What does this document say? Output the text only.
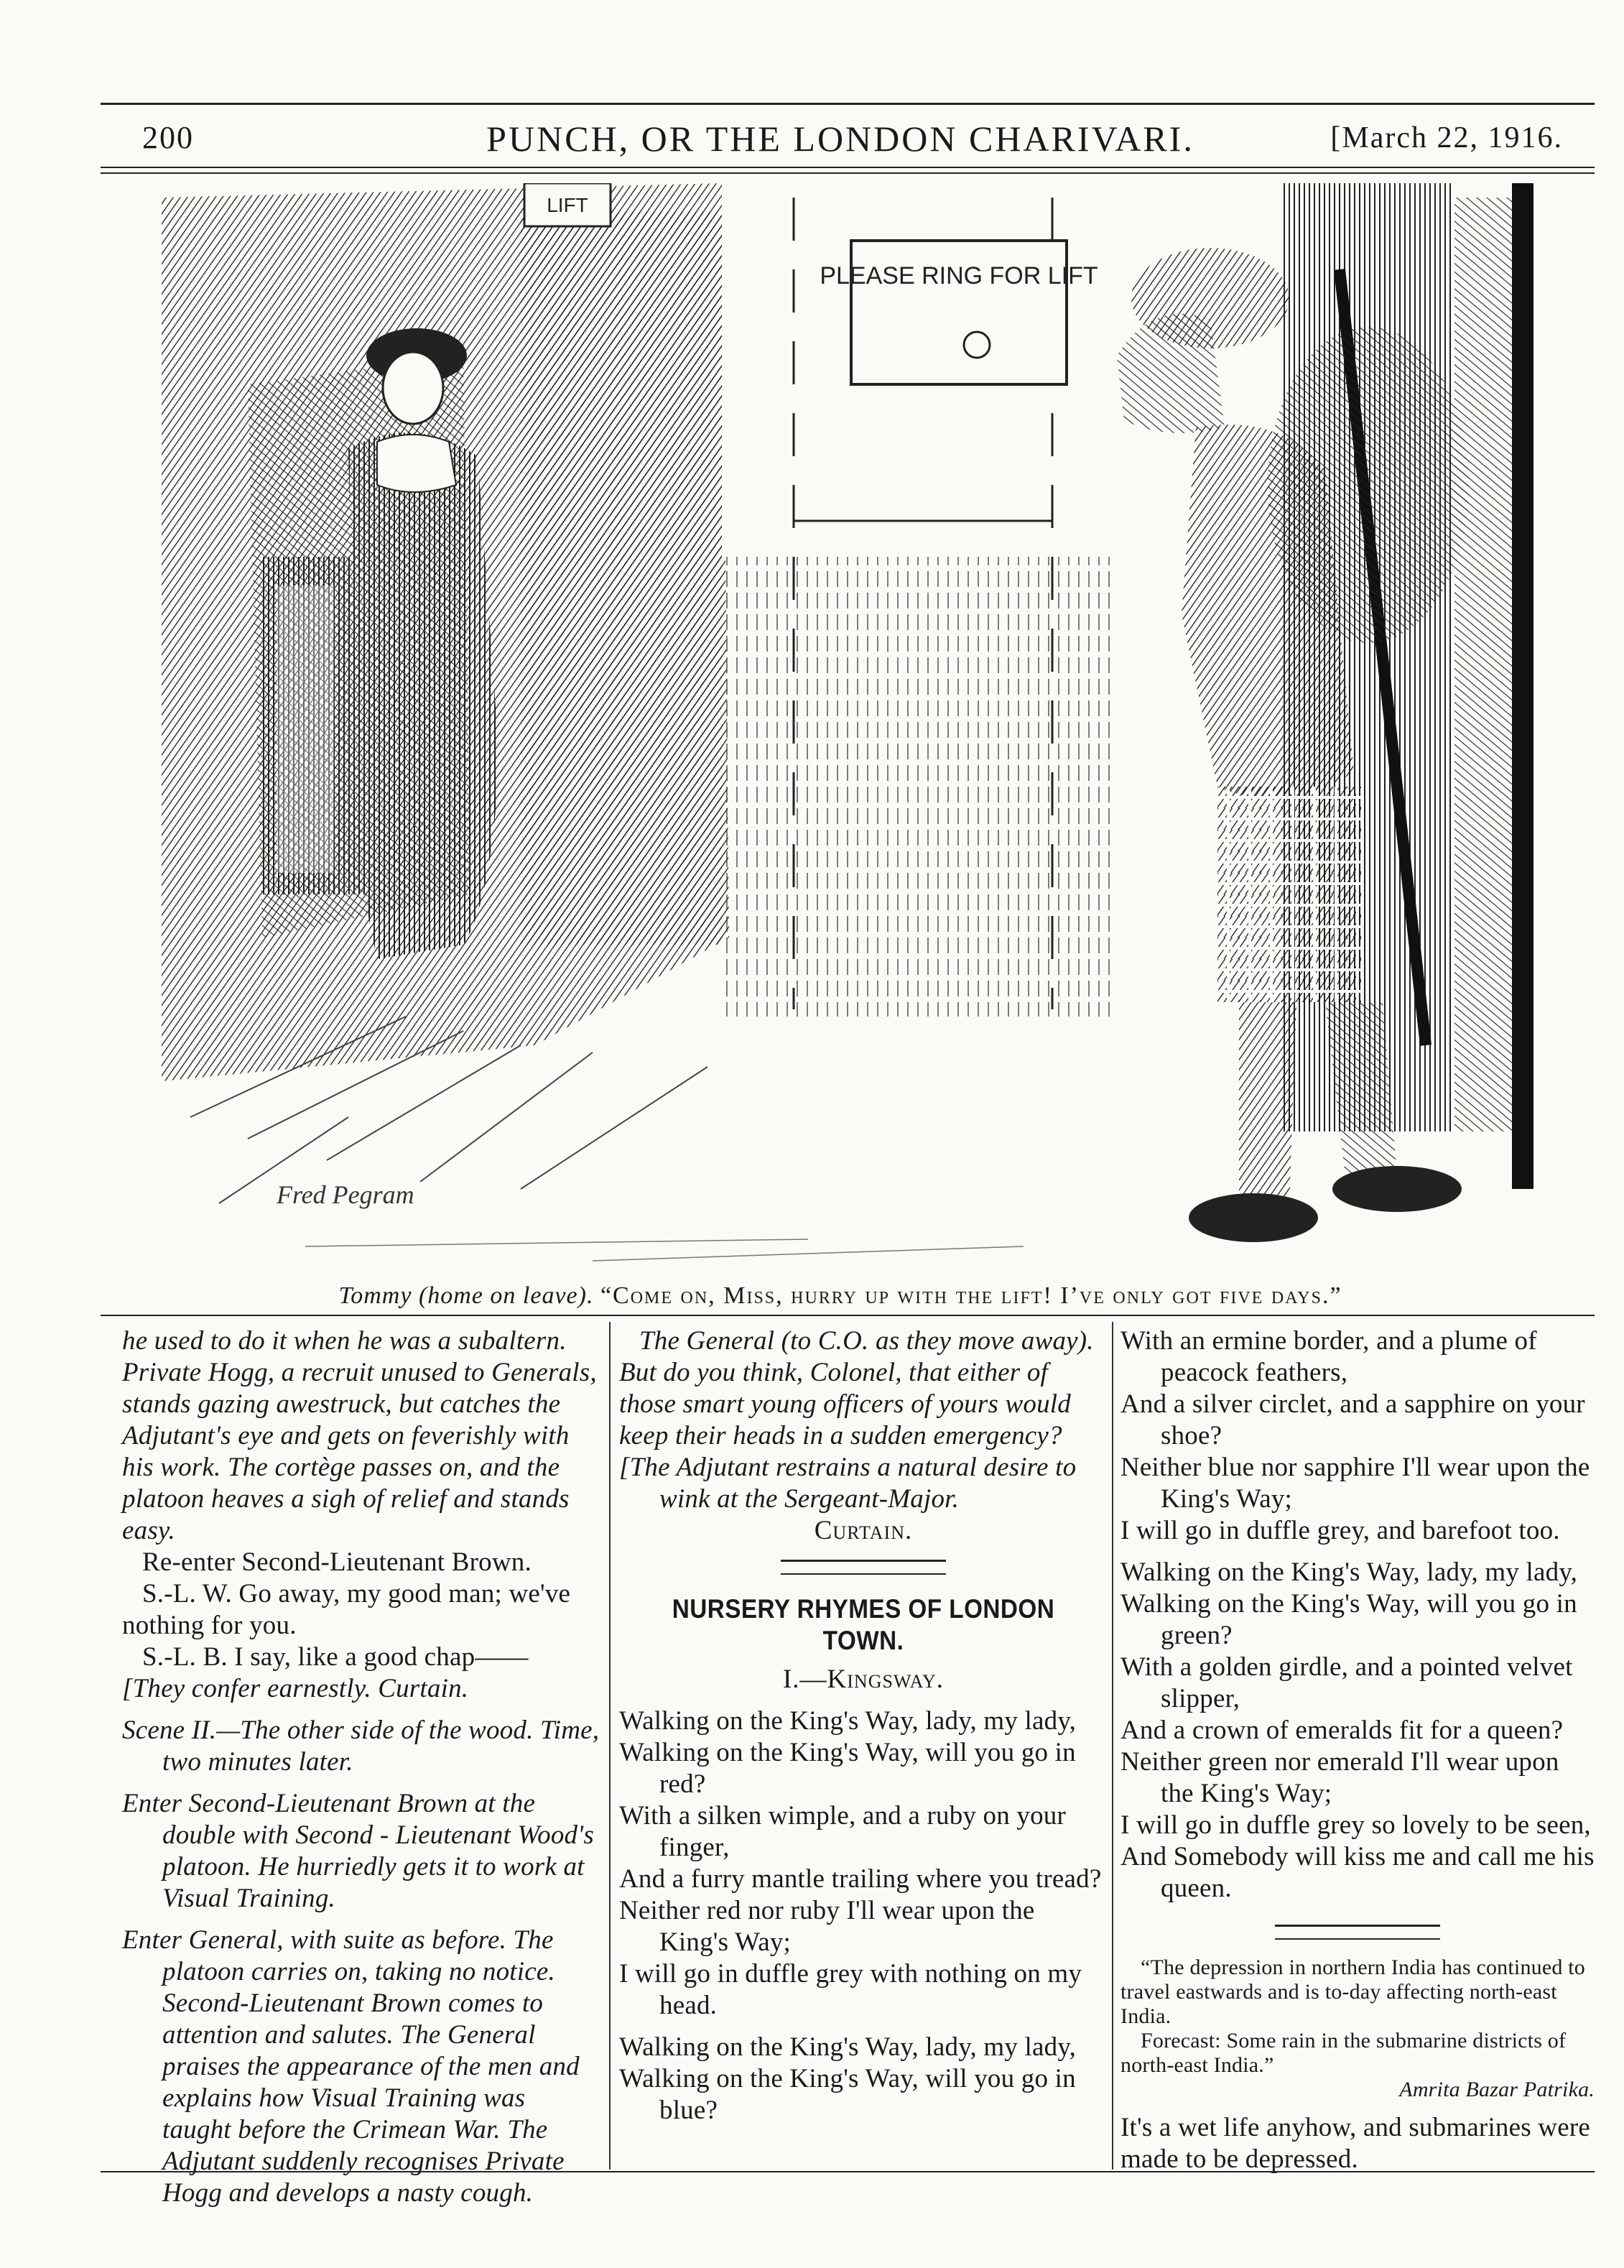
200	PUNCH, OR THE LONDON CHARIVARI.	[March 22, 1916.
LIFT
PLEASE RING FOR LIFT
Fred Pegram
Tommy (home on leave). “Come on, Miss, hurry up with the lift! I’ve only got five days.”

he used to do it when he was a subaltern. Private Hogg, a recruit unused to Generals, stands gazing awestruck, but catches the Adjutant's eye and gets on feverishly with his work. The cortège passes on, and the platoon heaves a sigh of relief and stands easy.

Re-enter Second-Lieutenant Brown.

S.-L. W. Go away, my good man; we've nothing for you.

S.-L. B. I say, like a good chap——

[They confer earnestly. Curtain.

Scene II.—The other side of the wood. Time, two minutes later.

Enter Second-Lieutenant Brown at the double with Second - Lieutenant Wood's platoon. He hurriedly gets it to work at Visual Training.

Enter General, with suite as before. The platoon carries on, taking no notice. Second-Lieutenant Brown comes to attention and salutes. The General praises the appearance of the men and explains how Visual Training was taught before the Crimean War. The Adjutant suddenly recognises Private Hogg and develops a nasty cough.

The General (to C.O. as they move away). But do you think, Colonel, that either of those smart young officers of yours would keep their heads in a sudden emergency?

[The Adjutant restrains a natural desire to wink at the Sergeant-Major.

Curtain.

NURSERY RHYMES OF LONDON TOWN.

I.—Kingsway.

Walking on the King's Way, lady, my lady,

Walking on the King's Way, will you go in red?

With a silken wimple, and a ruby on your finger,

And a furry mantle trailing where you tread?

Neither red nor ruby I'll wear upon the King's Way;

I will go in duffle grey with nothing on my head.

Walking on the King's Way, lady, my lady,

Walking on the King's Way, will you go in blue?

With an ermine border, and a plume of peacock feathers,

And a silver circlet, and a sapphire on your shoe?

Neither blue nor sapphire I'll wear upon the King's Way;

I will go in duffle grey, and barefoot too.

Walking on the King's Way, lady, my lady,

Walking on the King's Way, will you go in green?

With a golden girdle, and a pointed velvet slipper,

And a crown of emeralds fit for a queen?

Neither green nor emerald I'll wear upon the King's Way;

I will go in duffle grey so lovely to be seen,

And Somebody will kiss me and call me his queen.

“The depression in northern India has continued to travel eastwards and is to-day affecting north-east India.

Forecast: Some rain in the submarine districts of north-east India.”

Amrita Bazar Patrika.

It's a wet life anyhow, and submarines were made to be depressed.
